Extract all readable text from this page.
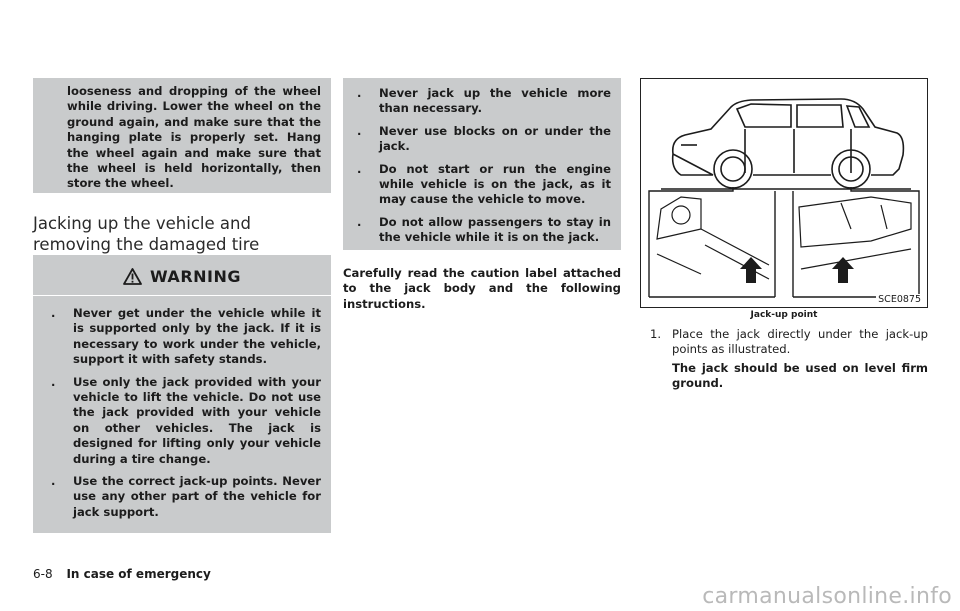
looseness and dropping of the wheel while driving. Lower the wheel on the ground again, and make sure that the hanging plate is properly set. Hang the wheel again and make sure that the wheel is held horizontally, then store the wheel.

Jacking up the vehicle and removing the damaged tire
WARNING
. Never get under the vehicle while it is supported only by the jack. If it is necessary to work under the vehicle, support it with safety stands.
. Use only the jack provided with your vehicle to lift the vehicle. Do not use the jack provided with your vehicle on other vehicles. The jack is designed for lifting only your vehicle during a tire change.
. Use the correct jack-up points. Never use any other part of the vehicle for jack support.
. Never jack up the vehicle more than necessary.
. Never use blocks on or under the jack.
. Do not start or run the engine while vehicle is on the jack, as it may cause the vehicle to move.
. Do not allow passengers to stay in the vehicle while it is on the jack.

Carefully read the caution label attached to the jack body and the following instructions.	SCE0875
Jack-up point
1. Place the jack directly under the jack-up points as illustrated.
The jack should be used on level firm ground.
6-8 In case of emergency
carmanualsonline.info
